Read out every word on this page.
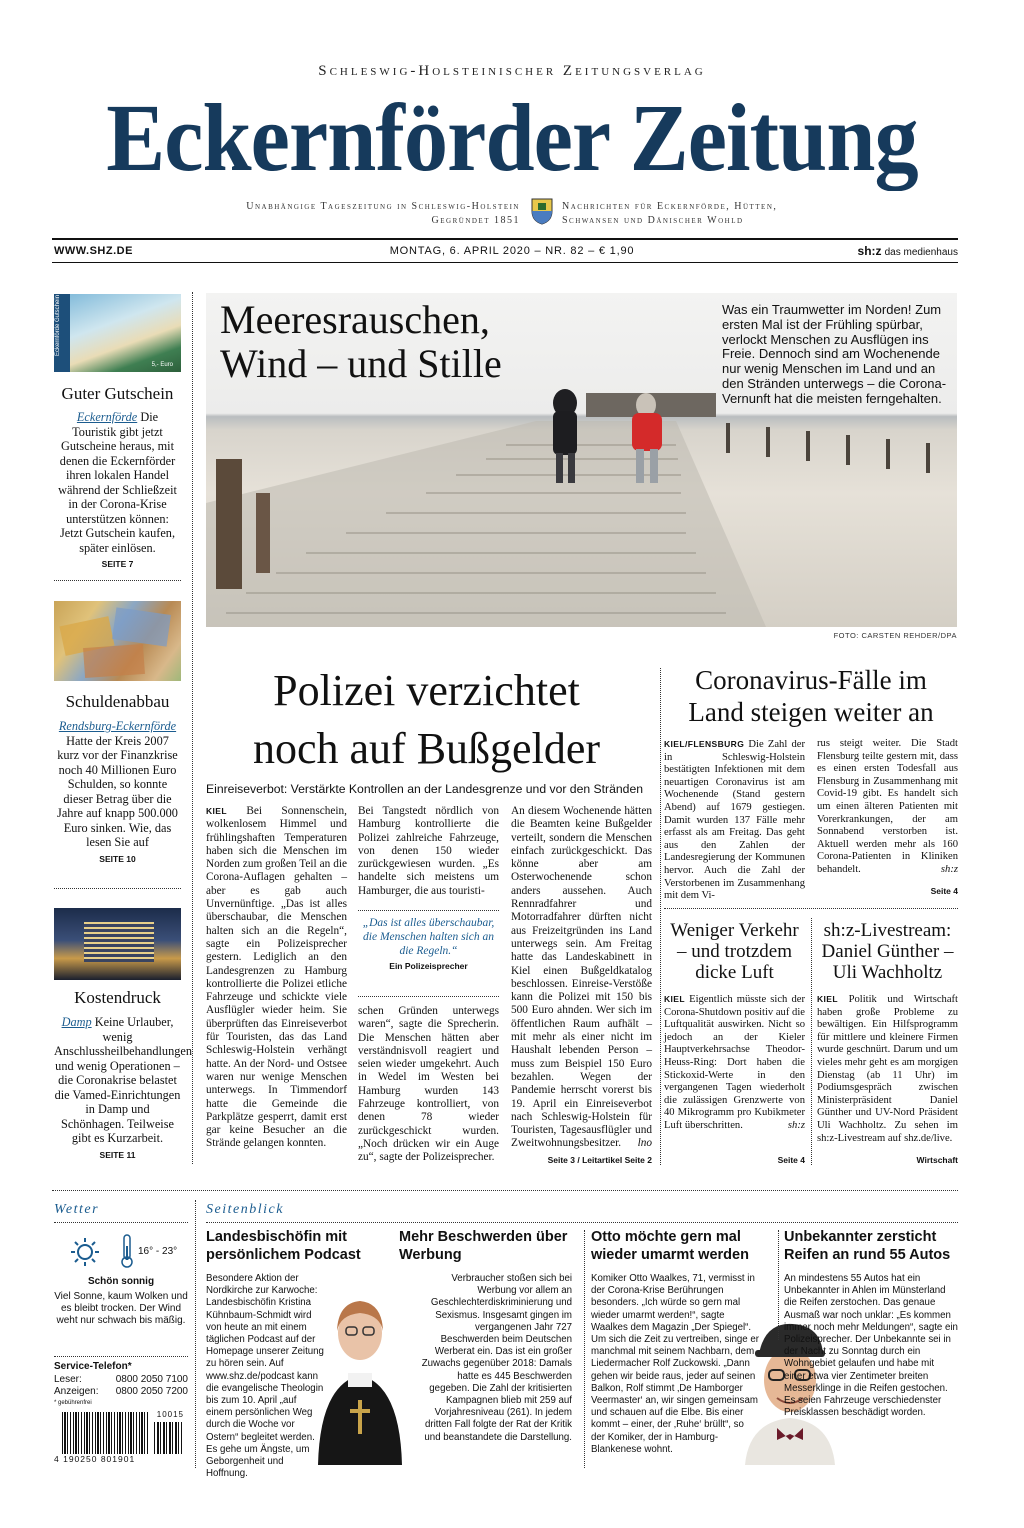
Schleswig-Holsteinischer Zeitungsverlag
Eckernförder Zeitung
Unabhängige Tageszeitung in Schleswig-Holstein
Gegründet 1851
Nachrichten für Eckernförde, Hütten,
Schwansen und Dänischer Wohld
WWW.SHZ.DE	MONTAG, 6. APRIL 2020 – NR. 82 – € 1,90	sh:z das medienhaus
Eckernförde Gutschein
5,- Euro
Guter Gutschein
Eckernförde Die Touristik gibt jetzt Gutscheine heraus, mit denen die Eckernförder ihren lokalen Handel während der Schließzeit in der Corona-Krise unterstützen können: Jetzt Gutschein kaufen, später einlösen.
SEITE 7
Schuldenabbau
Rendsburg-Eckernförde Hatte der Kreis 2007 kurz vor der Finanzkrise noch 40 Millionen Euro Schulden, so konnte dieser Betrag über die Jahre auf knapp 500.000 Euro sinken. Wie, das lesen Sie auf
SEITE 10
Kostendruck
Damp Keine Urlauber, wenig Anschlussheilbehandlungen und wenig Operationen – die Coronakrise belastet die Vamed-Einrichtungen in Damp und Schönhagen. Teilweise gibt es Kurzarbeit.
SEITE 11
Meeresrauschen,
Wind – und Stille
Was ein Traumwetter im Norden! Zum ersten Mal ist der Frühling spürbar, verlockt Menschen zu Ausflügen ins Freie. Dennoch sind am Wochenende nur wenig Menschen im Land und an den Stränden unterwegs – die Corona-Vernunft hat die meisten ferngehalten.
FOTO: CARSTEN REHDER/DPA
Polizei verzichtet
noch auf Bußgelder
Einreiseverbot: Verstärkte Kontrollen an der Landesgrenze und vor den Stränden
KIEL Bei Sonnenschein, wolkenlosem Himmel und frühlingshaften Temperaturen haben sich die Menschen im Norden zum großen Teil an die Corona-Auflagen gehalten – aber es gab auch Unvernünftige. „Das ist alles überschaubar, die Menschen halten sich an die Regeln“, sagte ein Polizeisprecher gestern. Lediglich an den Landesgrenzen zu Hamburg kontrollierte die Polizei etliche Fahrzeuge und schickte viele Ausflügler wieder heim. Sie überprüften das Einreiseverbot für Touristen, das das Land Schleswig-Holstein verhängt hatte. An der Nord- und Ostsee waren nur wenige Menschen unterwegs. In Timmendorf hatte die Gemeinde die Parkplätze gesperrt, damit erst gar keine Besucher an die Strände gelangen konnten.
Bei Tangstedt nördlich von Hamburg kontrollierte die Polizei zahlreiche Fahrzeuge, von denen 150 wieder zurückgewiesen wurden. „Es handelte sich meistens um Hamburger, die aus touristi-
„Das ist alles überschaubar, die Menschen halten sich an die Regeln.“
Ein Polizeisprecher
schen Gründen unterwegs waren“, sagte die Sprecherin. Die Menschen hätten aber verständnisvoll reagiert und seien wieder umgekehrt. Auch in Wedel im Westen bei Hamburg wurden 143 Fahrzeuge kontrolliert, von denen 78 wieder zurückgeschickt wurden. „Noch drücken wir ein Auge zu“, sagte der Polizeisprecher.
An diesem Wochenende hätten die Beamten keine Bußgelder verteilt, sondern die Menschen einfach zurückgeschickt. Das könne aber am Osterwochenende schon anders aussehen. Auch Rennradfahrer und Motorradfahrer dürften nicht aus Freizeitgründen ins Land unterwegs sein. Am Freitag hatte das Landeskabinett in Kiel einen Bußgeldkatalog beschlossen. Einreise-Verstöße kann die Polizei mit 150 bis 500 Euro ahnden. Wer sich im öffentlichen Raum aufhält – mit mehr als einer nicht im Haushalt lebenden Person – muss zum Beispiel 150 Euro bezahlen. Wegen der Pandemie herrscht vorerst bis 19. April ein Einreiseverbot nach Schleswig-Holstein für Touristen, Tagesausflügler und Zweitwohnungsbesitzer. lno
Seite 3 / Leitartikel Seite 2
Coronavirus-Fälle im
Land steigen weiter an
KIEL/FLENSBURG Die Zahl der in Schleswig-Holstein bestätigten Infektionen mit dem neuartigen Coronavirus ist am Wochenende (Stand gestern Abend) auf 1679 gestiegen. Damit wurden 137 Fälle mehr erfasst als am Freitag. Das geht aus den Zahlen der Landesregierung der Kommunen hervor. Auch die Zahl der Verstorbenen im Zusammenhang mit dem Vi-
rus steigt weiter. Die Stadt Flensburg teilte gestern mit, dass es einen ersten Todesfall aus Flensburg in Zusammenhang mit Covid-19 gibt. Es handelt sich um einen älteren Patienten mit Vorerkrankungen, der am Sonnabend verstorben ist. Aktuell werden mehr als 160 Corona-Patienten in Kliniken behandelt.	sh:z
Seite 4
Weniger Verkehr
– und trotzdem
dicke Luft
KIEL Eigentlich müsste sich der Corona-Shutdown positiv auf die Luftqualität auswirken. Nicht so jedoch an der Kieler Hauptverkehrsachse Theodor-Heuss-Ring: Dort haben die Stickoxid-Werte in den vergangenen Tagen wiederholt die zulässigen Grenzwerte von 40 Mikrogramm pro Kubikmeter Luft überschritten.	sh:z
Seite 4
sh:z-Livestream:
Daniel Günther –
Uli Wachholtz
KIEL Politik und Wirtschaft haben große Probleme zu bewältigen. Ein Hilfsprogramm für mittlere und kleinere Firmen wurde geschnürt. Darum und um vieles mehr geht es am morgigen Dienstag (ab 11 Uhr) im Podiumsgespräch zwischen Ministerpräsident Daniel Günther und UV-Nord Präsident Uli Wachholtz. Zu sehen im sh:z-Livestream auf shz.de/live.
Wirtschaft
Wetter
16° - 23°
Schön sonnig
Viel Sonne, kaum Wolken und es bleibt trocken. Der Wind weht nur schwach bis mäßig.
Service-Telefon*
Leser:	0800 2050 7100
Anzeigen: 0800 2050 7200
* gebührenfrei
10015
4 190250 801901
Seitenblick
Landesbischöfin mit persönlichem Podcast
Besondere Aktion der Nordkirche zur Karwoche: Landesbischöfin Kristina Kühnbaum-Schmidt wird von heute an mit einem täglichen Podcast auf der Homepage unserer Zeitung zu hören sein. Auf www.shz.de/podcast kann die evangelische Theologin bis zum 10. April „auf einem persönlichen Weg durch die Woche vor Ostern“ begleitet werden. Es gehe um Ängste, um Geborgenheit und Hoffnung.
Mehr Beschwerden über Werbung
Verbraucher stoßen sich bei Werbung vor allem an Geschlechterdiskriminierung und Sexismus. Insgesamt gingen im vergangenen Jahr 727 Beschwerden beim Deutschen Werberat ein. Das ist ein großer Zuwachs gegenüber 2018: Damals hatte es 445 Beschwerden gegeben. Die Zahl der kritisierten Kampagnen blieb mit 259 auf Vorjahresniveau (261). In jedem dritten Fall folgte der Rat der Kritik und beanstandete die Darstellung.
Otto möchte gern mal wieder umarmt werden
Komiker Otto Waalkes, 71, vermisst in der Corona-Krise Berührungen besonders. „Ich würde so gern mal wieder umarmt werden!“, sagte Waalkes dem Magazin „Der Spiegel“. Um sich die Zeit zu vertreiben, singe er manchmal mit seinem Nachbarn, dem Liedermacher Rolf Zuckowski. „Dann gehen wir beide raus, jeder auf seinen Balkon, Rolf stimmt ‚De Hamborger Veermaster‘ an, wir singen gemeinsam und schauen auf die Elbe. Bis einer kommt – einer, der ‚Ruhe‘ brüllt“, so der Komiker, der in Hamburg-Blankenese wohnt.
Unbekannter zersticht Reifen an rund 55 Autos
An mindestens 55 Autos hat ein Unbekannter in Ahlen im Münsterland die Reifen zerstochen. Das genaue Ausmaß war noch unklar: „Es kommen immer noch mehr Meldungen“, sagte ein Polizeisprecher. Der Unbekannte sei in der Nacht zu Sonntag durch ein Wohngebiet gelaufen und habe mit einer etwa vier Zentimeter breiten Messerklinge in die Reifen gestochen. Es seien Fahrzeuge verschiedenster Preisklassen beschädigt worden.
